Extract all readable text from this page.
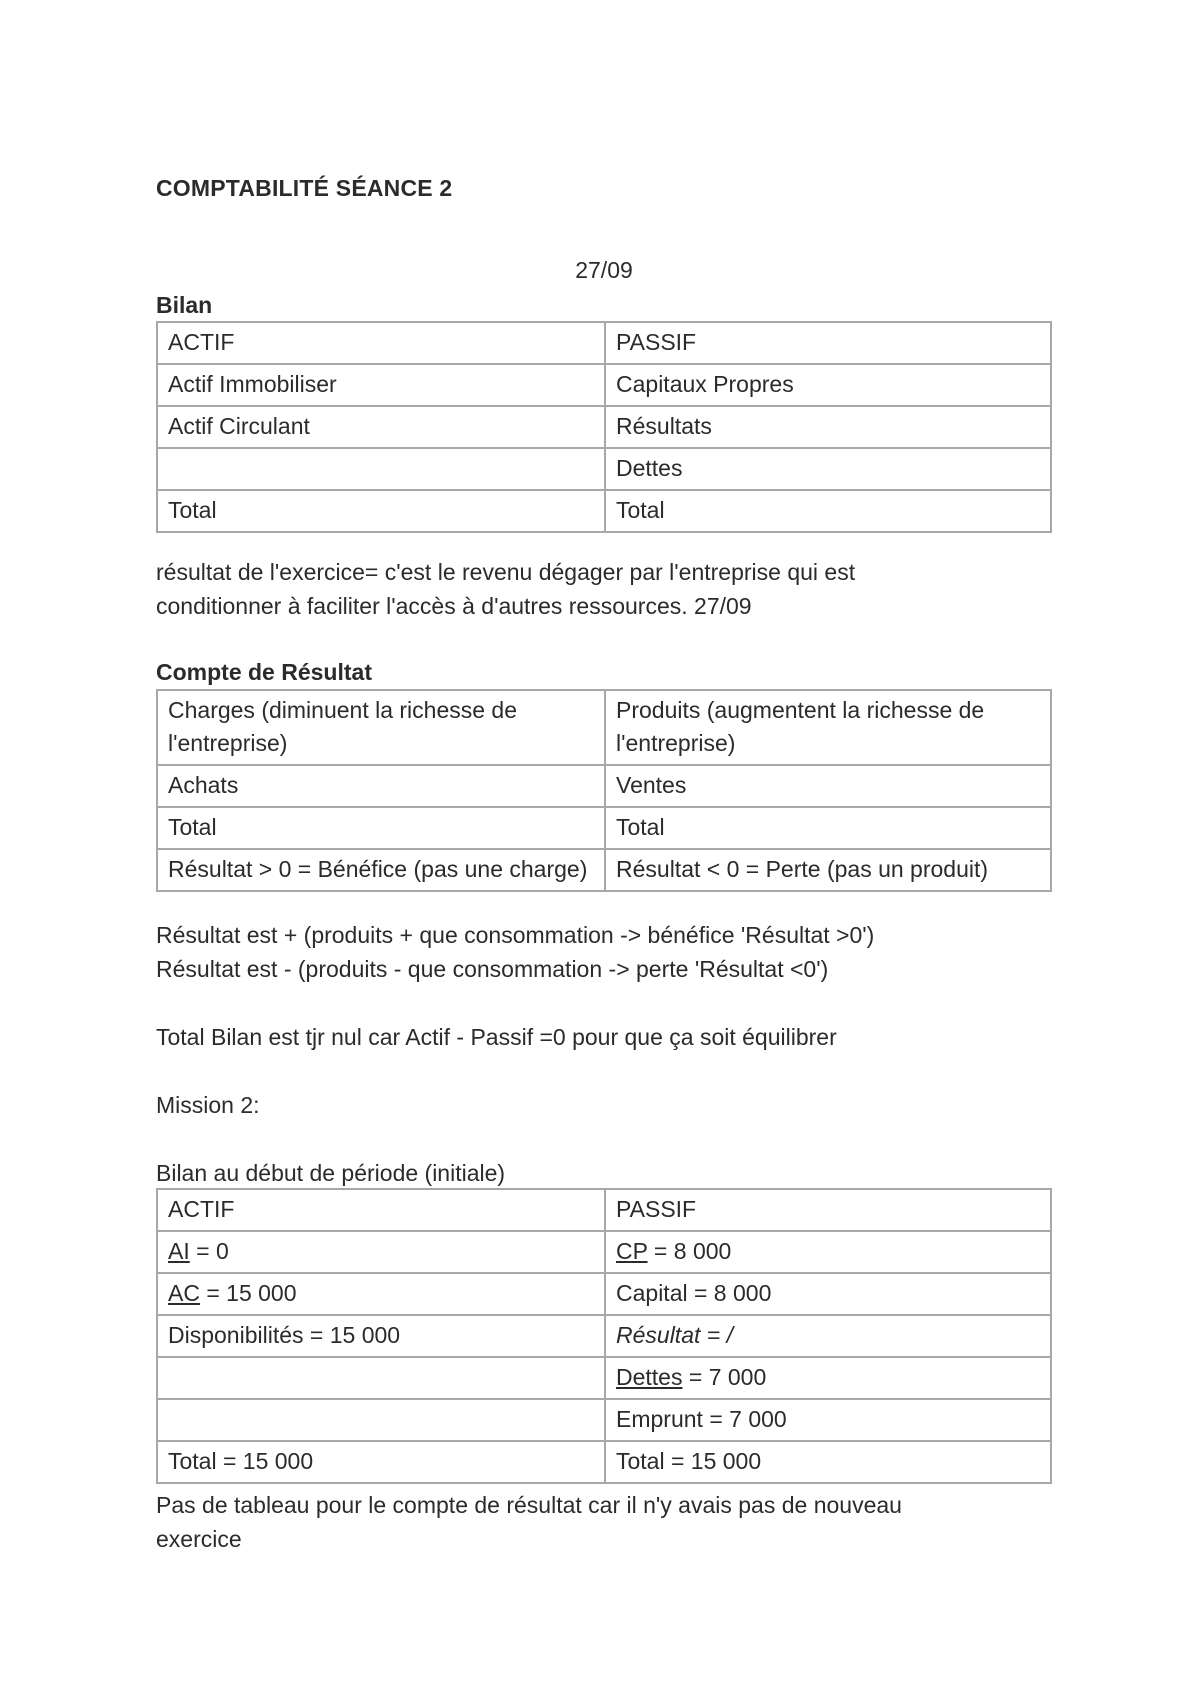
COMPTABILITÉ SÉANCE 2
27/09
Bilan
ACTIF	PASSIF
Actif Immobiliser	Capitaux Propres
Actif Circulant	Résultats
	Dettes
Total	Total
résultat de l'exercice= c'est le revenu dégager par l'entreprise qui est
conditionner à faciliter l'accès à d'autres ressources. 27/09
Compte de Résultat
Charges (diminuent la richesse de l'entreprise)	Produits (augmentent la richesse de l'entreprise)
Achats	Ventes
Total	Total
Résultat > 0 = Bénéfice (pas une charge)	Résultat < 0 = Perte (pas un produit)
Résultat est + (produits + que consommation -> bénéfice 'Résultat >0')
Résultat est - (produits - que consommation -> perte 'Résultat <0')
Total Bilan est tjr nul car Actif - Passif =0 pour que ça soit équilibrer
Mission 2:
Bilan au début de période (initiale)
ACTIF	PASSIF
AI = 0	CP = 8 000
AC = 15 000	Capital = 8 000
Disponibilités = 15 000	Résultat = /
	Dettes = 7 000
	Emprunt = 7 000
Total = 15 000	Total = 15 000
Pas de tableau pour le compte de résultat car il n'y avais pas de nouveau
exercice
